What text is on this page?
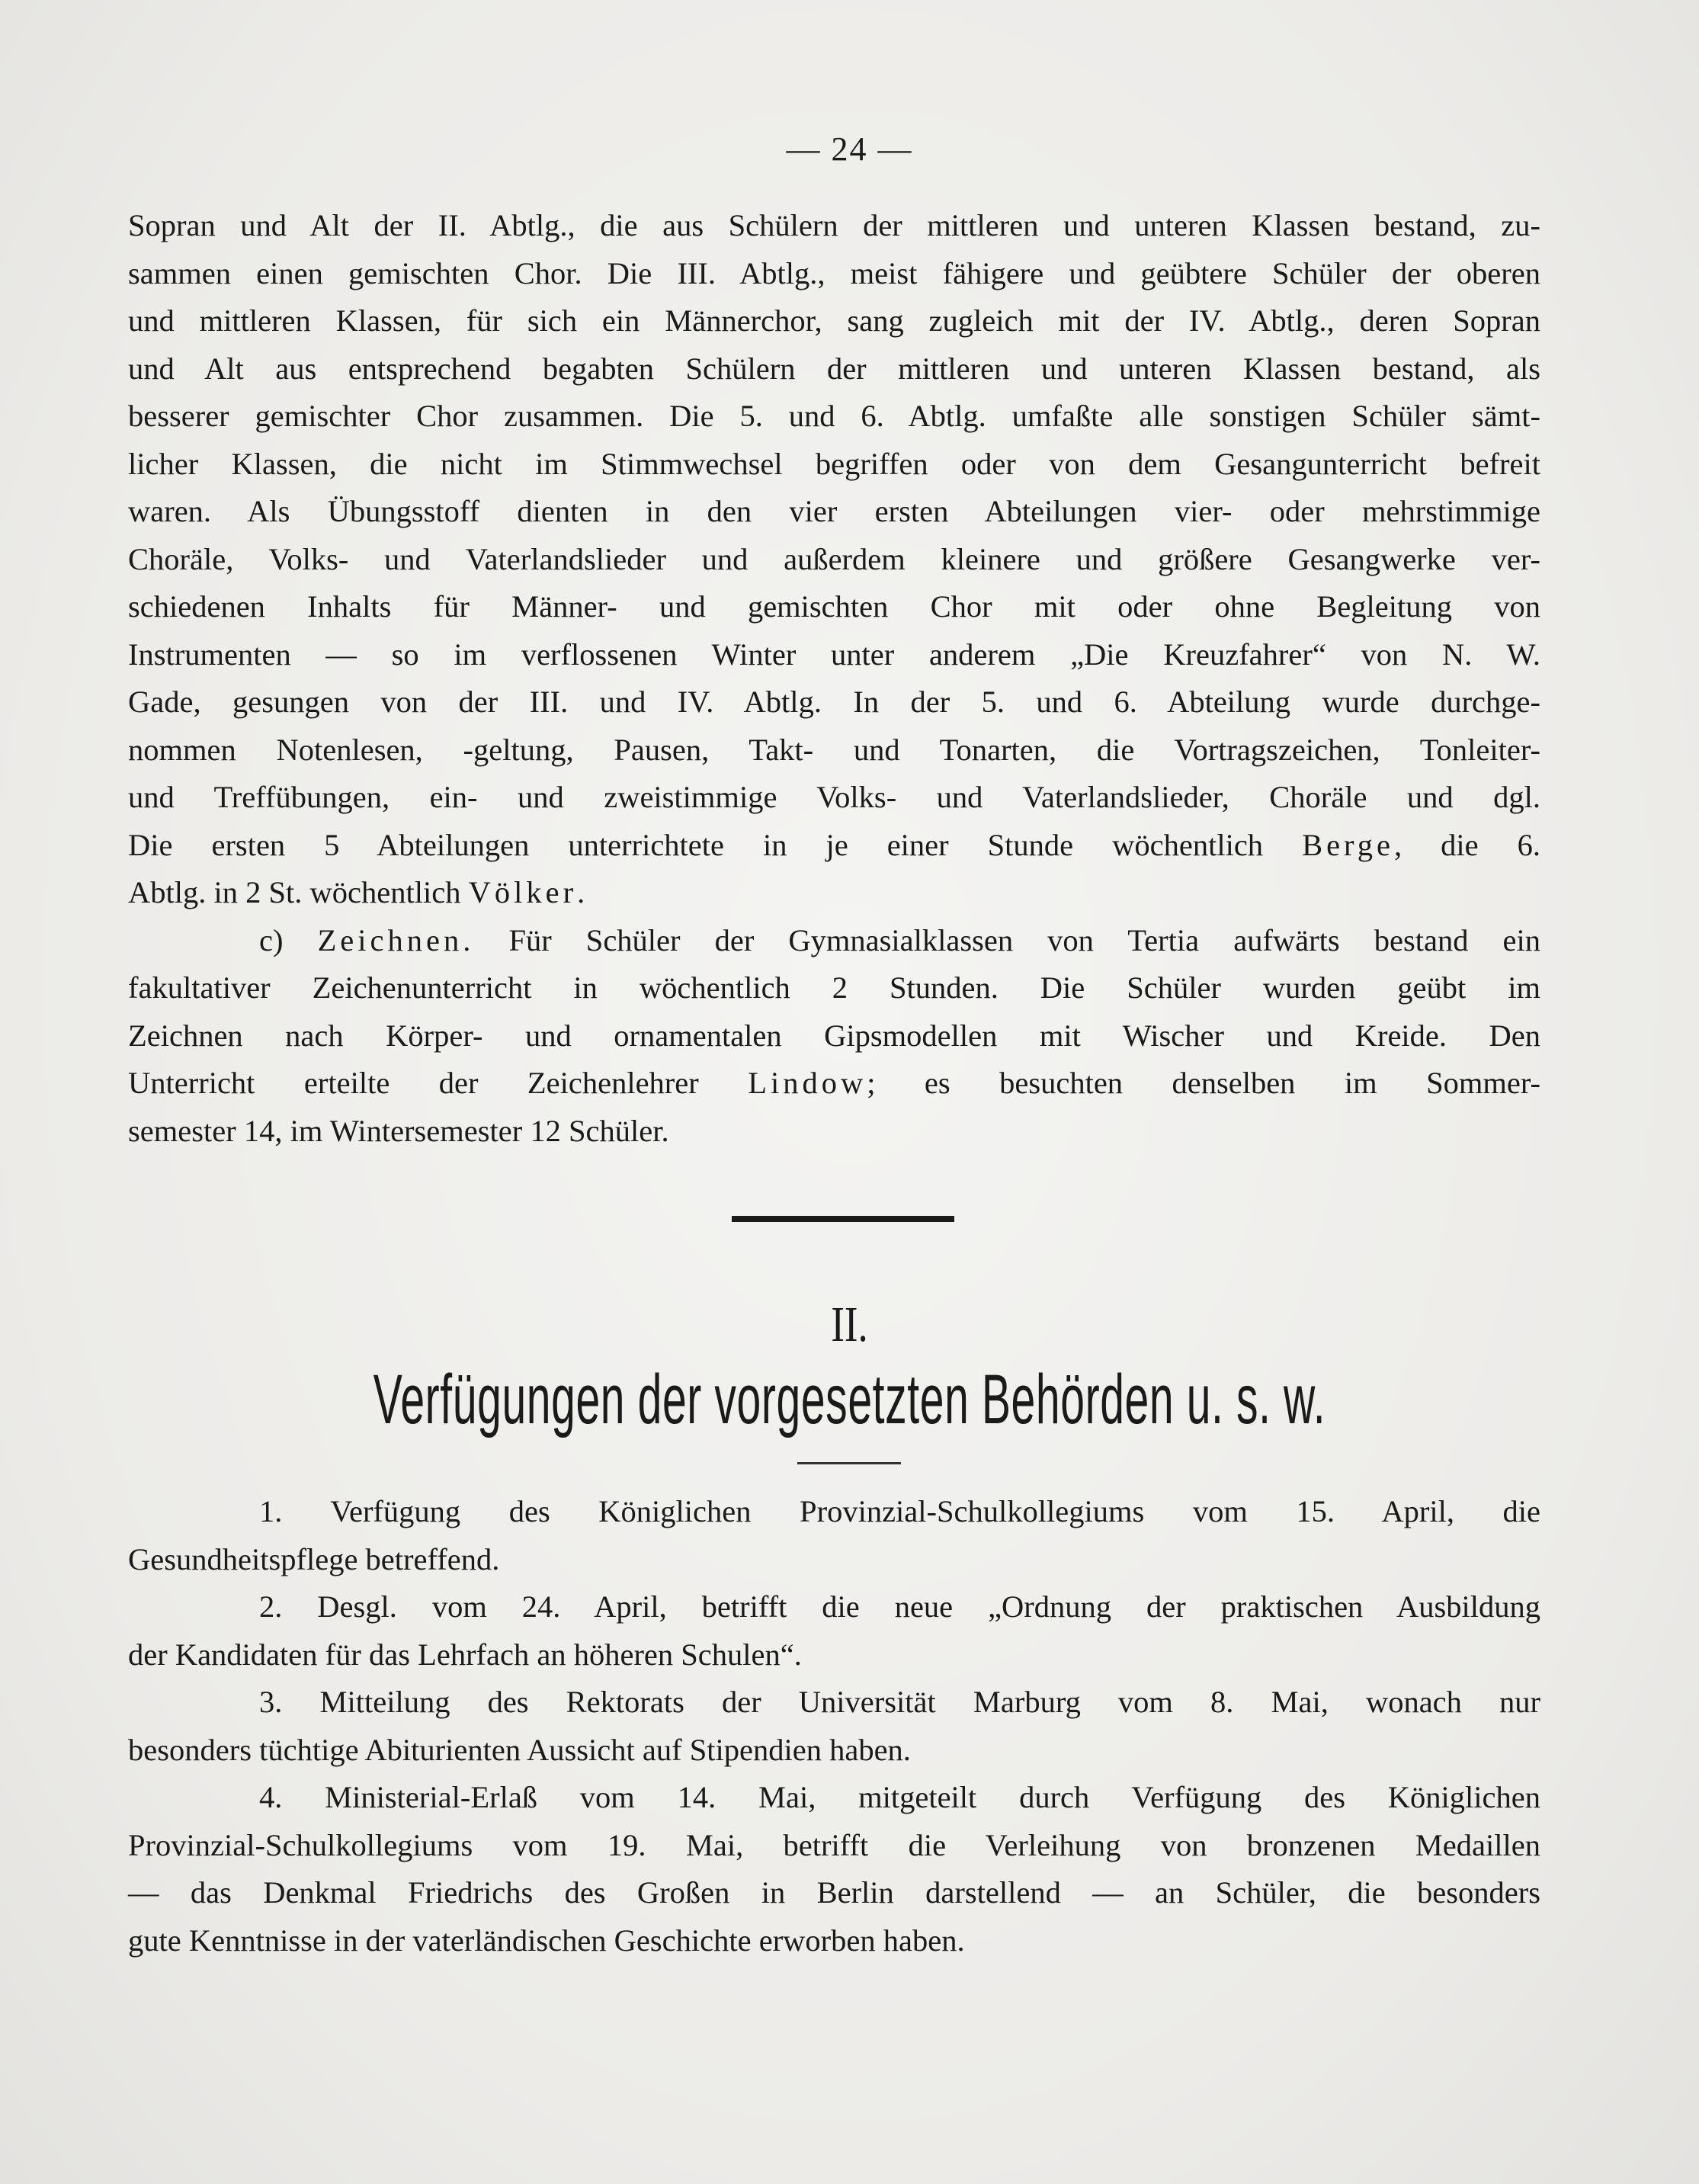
— 24 —
Sopran und Alt der II. Abtlg., die aus Schülern der mittleren und unteren Klassen bestand, zu-
sammen einen gemischten Chor. Die III. Abtlg., meist fähigere und geübtere Schüler der oberen
und mittleren Klassen, für sich ein Männerchor, sang zugleich mit der IV. Abtlg., deren Sopran
und Alt aus entsprechend begabten Schülern der mittleren und unteren Klassen bestand, als
besserer gemischter Chor zusammen. Die 5. und 6. Abtlg. umfaßte alle sonstigen Schüler sämt-
licher Klassen, die nicht im Stimmwechsel begriffen oder von dem Gesangunterricht befreit
waren. Als Übungsstoff dienten in den vier ersten Abteilungen vier- oder mehrstimmige
Choräle, Volks- und Vaterlandslieder und außerdem kleinere und größere Gesangwerke ver-
schiedenen Inhalts für Männer- und gemischten Chor mit oder ohne Begleitung von
Instrumenten — so im verflossenen Winter unter anderem „Die Kreuzfahrer“ von N. W.
Gade, gesungen von der III. und IV. Abtlg. In der 5. und 6. Abteilung wurde durchge-
nommen Notenlesen, -geltung, Pausen, Takt- und Tonarten, die Vortragszeichen, Tonleiter-
und Treffübungen, ein- und zweistimmige Volks- und Vaterlandslieder, Choräle und dgl.
Die ersten 5 Abteilungen unterrichtete in je einer Stunde wöchentlich Berge, die 6.
Abtlg. in 2 St. wöchentlich Völker.
c) Zeichnen. Für Schüler der Gymnasialklassen von Tertia aufwärts bestand ein
fakultativer Zeichenunterricht in wöchentlich 2 Stunden. Die Schüler wurden geübt im
Zeichnen nach Körper- und ornamentalen Gipsmodellen mit Wischer und Kreide. Den
Unterricht erteilte der Zeichenlehrer Lindow; es besuchten denselben im Sommer-
semester 14, im Wintersemester 12 Schüler.
II.
Verfügungen der vorgesetzten Behörden u. s. w.
1. Verfügung des Königlichen Provinzial-Schulkollegiums vom 15. April, die
Gesundheitspflege betreffend.
2. Desgl. vom 24. April, betrifft die neue „Ordnung der praktischen Ausbildung
der Kandidaten für das Lehrfach an höheren Schulen“.
3. Mitteilung des Rektorats der Universität Marburg vom 8. Mai, wonach nur
besonders tüchtige Abiturienten Aussicht auf Stipendien haben.
4. Ministerial-Erlaß vom 14. Mai, mitgeteilt durch Verfügung des Königlichen
Provinzial-Schulkollegiums vom 19. Mai, betrifft die Verleihung von bronzenen Medaillen
— das Denkmal Friedrichs des Großen in Berlin darstellend — an Schüler, die besonders
gute Kenntnisse in der vaterländischen Geschichte erworben haben.
